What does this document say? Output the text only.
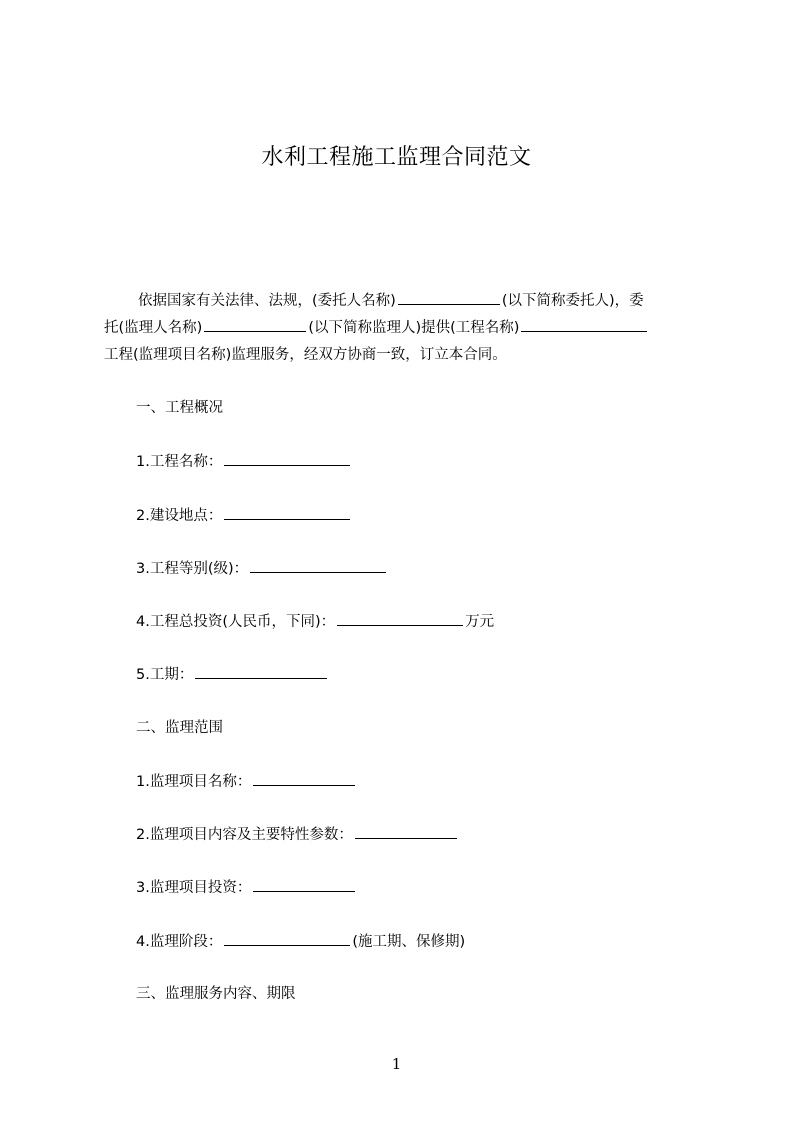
水利工程施工监理合同范文
依据国家有关法律、法规，(委托人名称)	(以下简称委托人)，委
托(监理人名称)	(以下简称监理人)提供(工程名称)
工程(监理项目名称)监理服务，经双方协商一致，订立本合同。
一、工程概况
1.工程名称：
2.建设地点：
3.工程等别(级)：
4.工程总投资(人民币，下同)：	万元
5.工期：
二、监理范围
1.监理项目名称：
2.监理项目内容及主要特性参数：
3.监理项目投资：
4.监理阶段：	(施工期、保修期)
三、监理服务内容、期限
1
